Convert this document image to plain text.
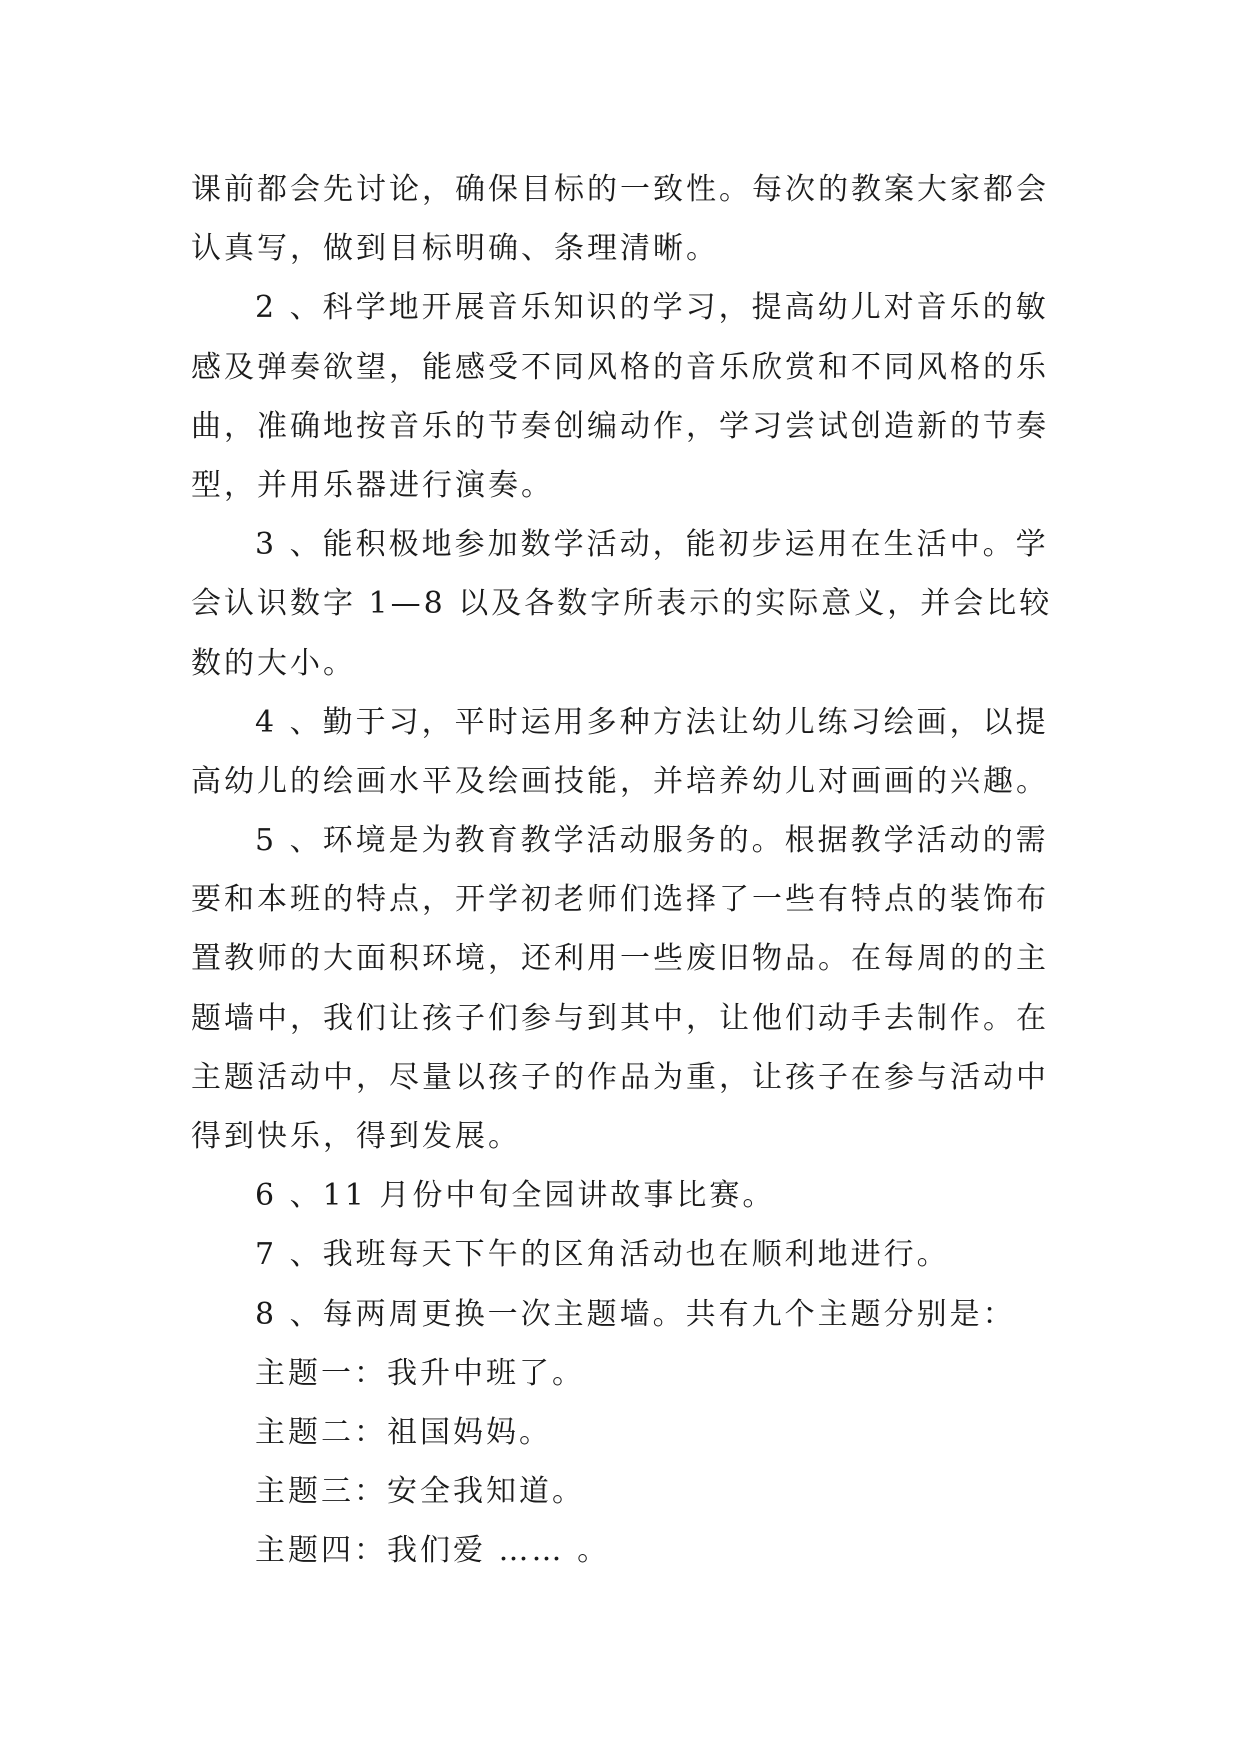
课前都会先讨论，确保目标的一致性。每次的教案大家都会
认真写，做到目标明确、条理清晰。
2 、科学地开展音乐知识的学习，提高幼儿对音乐的敏
感及弹奏欲望，能感受不同风格的音乐欣赏和不同风格的乐
曲，准确地按音乐的节奏创编动作，学习尝试创造新的节奏
型，并用乐器进行演奏。
3 、能积极地参加数学活动，能初步运用在生活中。学
会认识数字 1—8 以及各数字所表示的实际意义，并会比较
数的大小。
4 、勤于习，平时运用多种方法让幼儿练习绘画，以提
高幼儿的绘画水平及绘画技能，并培养幼儿对画画的兴趣。
5 、环境是为教育教学活动服务的。根据教学活动的需
要和本班的特点，开学初老师们选择了一些有特点的装饰布
置教师的大面积环境，还利用一些废旧物品。在每周的的主
题墙中，我们让孩子们参与到其中，让他们动手去制作。在
主题活动中，尽量以孩子的作品为重，让孩子在参与活动中
得到快乐，得到发展。
6 、11 月份中旬全园讲故事比赛。
7 、我班每天下午的区角活动也在顺利地进行。
8 、每两周更换一次主题墙。共有九个主题分别是：
主题一：我升中班了。
主题二：祖国妈妈。
主题三：安全我知道。
主题四：我们爱 …… 。
